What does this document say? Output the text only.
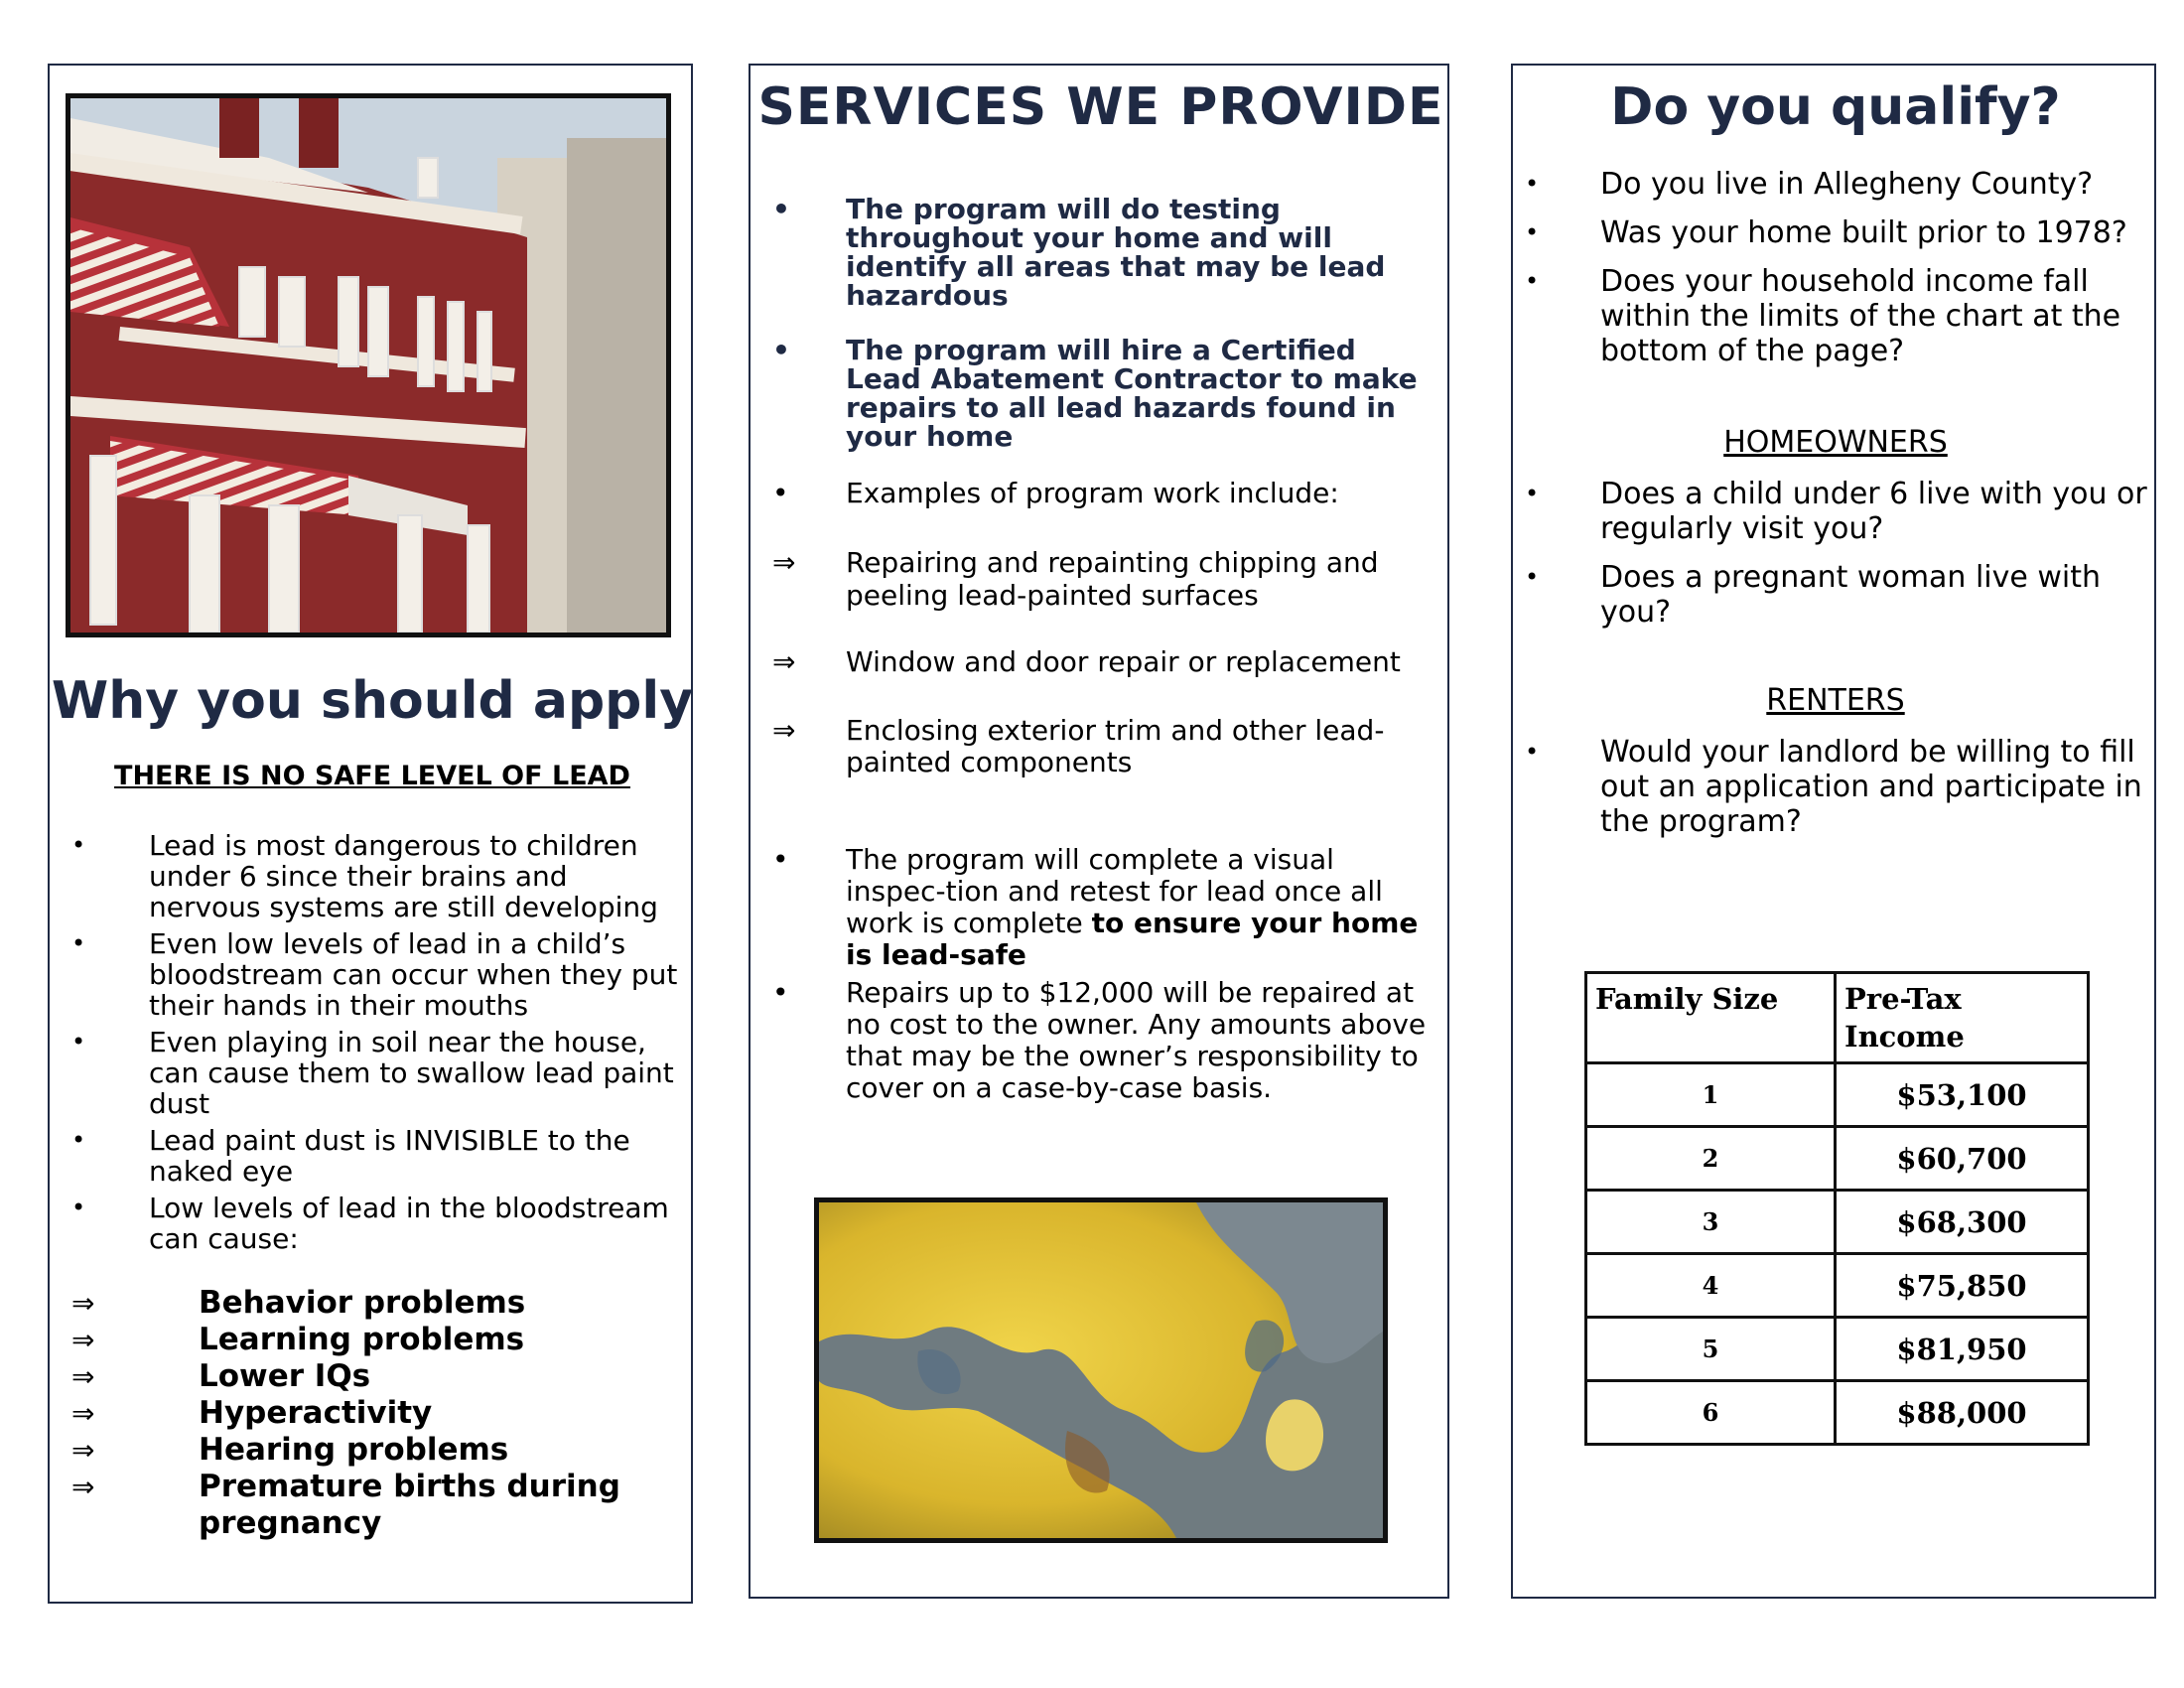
Why you should apply
THERE IS NO SAFE LEVEL OF LEAD
• Lead is most dangerous to children under 6 since their brains and nervous systems are still developing
• Even low levels of lead in a child’s bloodstream can occur when they put their hands in their mouths
• Even playing in soil near the house, can cause them to swallow lead paint dust
• Lead paint dust is INVISIBLE to the naked eye
• Low levels of lead in the bloodstream can cause:
⇒	Behavior problems
⇒	Learning problems
⇒	Lower IQs
⇒	Hyperactivity
⇒	Hearing problems
⇒	Premature births during pregnancy
SERVICES WE PROVIDE
•	The program will do testing throughout your home and will identify all areas that may be lead hazardous
•	The program will hire a Certified Lead Abatement Contractor to make repairs to all lead hazards found in your home
•	Examples of program work include:
⇒	Repairing and repainting chipping and peeling lead-painted surfaces
⇒	Window and door repair or replacement
⇒	Enclosing exterior trim and other lead-painted components
•	The program will complete a visual inspec-tion and retest for lead once all work is complete to ensure your home is lead-safe
•	Repairs up to $12,000 will be repaired at no cost to the owner. Any amounts above that may be the owner’s responsibility to cover on a case-by-case basis.
Do you qualify?
•	Do you live in Allegheny County?
•	Was your home built prior to 1978?
•	Does your household income fall within the limits of the chart at the bottom of the page?
HOMEOWNERS
•	Does a child under 6 live with you or regularly visit you?
•	Does a pregnant woman live with you?
RENTERS
•	Would your landlord be willing to fill out an application and participate in the program?
Family Size	Pre-Tax Income
1	$53,100
2	$60,700
3	$68,300
4	$75,850
5	$81,950
6	$88,000
